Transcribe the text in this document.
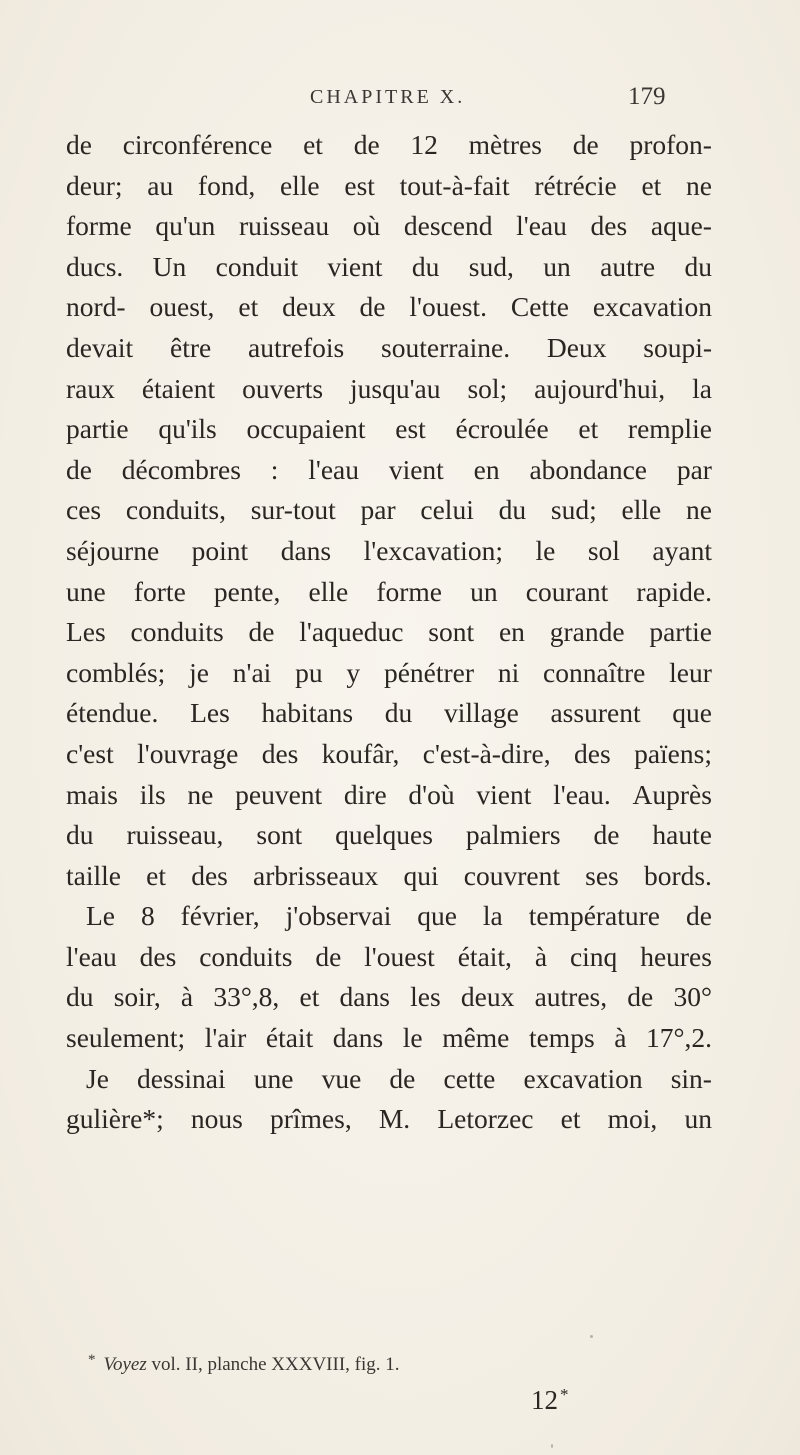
CHAPITRE X.	179
de circonférence et de 12 mètres de profon-
deur; au fond, elle est tout-à-fait rétrécie et ne
forme qu'un ruisseau où descend l'eau des aque-
ducs. Un conduit vient du sud, un autre du
nord- ouest, et deux de l'ouest. Cette excavation
devait être autrefois souterraine. Deux soupi-
raux étaient ouverts jusqu'au sol; aujourd'hui, la
partie qu'ils occupaient est écroulée et remplie
de décombres : l'eau vient en abondance par
ces conduits, sur-tout par celui du sud; elle ne
séjourne point dans l'excavation; le sol ayant
une forte pente, elle forme un courant rapide.
Les conduits de l'aqueduc sont en grande partie
comblés; je n'ai pu y pénétrer ni connaître leur
étendue. Les habitans du village assurent que
c'est l'ouvrage des koufâr, c'est-à-dire, des païens;
mais ils ne peuvent dire d'où vient l'eau. Auprès
du ruisseau, sont quelques palmiers de haute
taille et des arbrisseaux qui couvrent ses bords.
Le 8 février, j'observai que la température de
l'eau des conduits de l'ouest était, à cinq heures
du soir, à 33°,8, et dans les deux autres, de 30°
seulement; l'air était dans le même temps à 17°,2.
Je dessinai une vue de cette excavation sin-
gulière*; nous prîmes, M. Letorzec et moi, un
* Voyez vol. II, planche XXXVIII, fig. 1.
12 *
